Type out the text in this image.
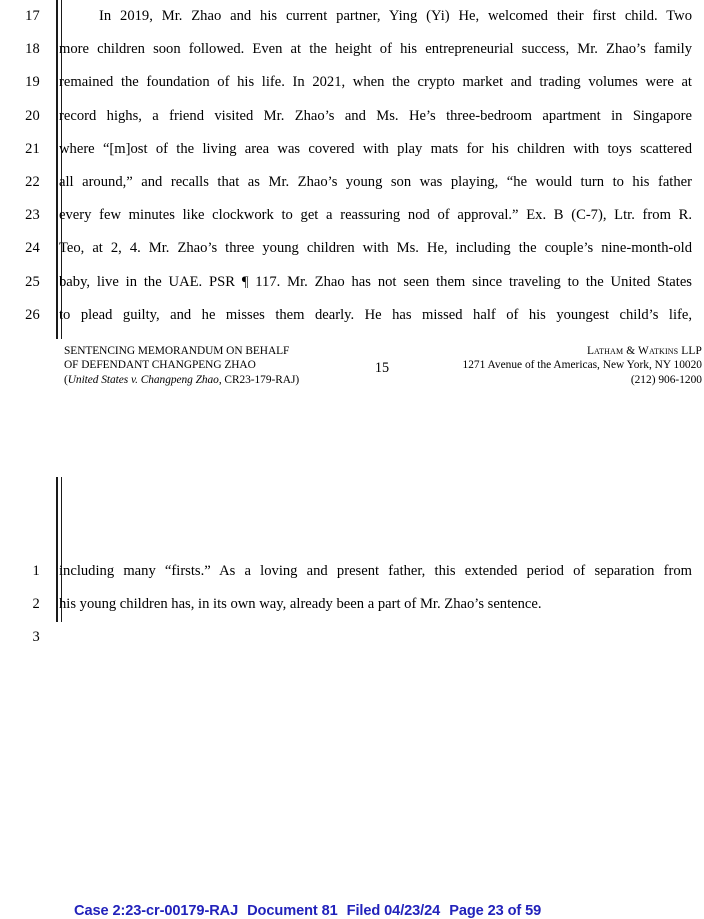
17	In 2019, Mr. Zhao and his current partner, Ying (Yi) He, welcomed their first child. Two
18	more children soon followed. Even at the height of his entrepreneurial success, Mr. Zhao’s family
19	remained the foundation of his life. In 2021, when the crypto market and trading volumes were at
20	record highs, a friend visited Mr. Zhao’s and Ms. He’s three-bedroom apartment in Singapore
21	where “[m]ost of the living area was covered with play mats for his children with toys scattered
22	all around,” and recalls that as Mr. Zhao’s young son was playing, “he would turn to his father
23	every few minutes like clockwork to get a reassuring nod of approval.” Ex. B (C-7), Ltr. from R.
24	Teo, at 2, 4. Mr. Zhao’s three young children with Ms. He, including the couple’s nine-month-old
25	baby, live in the UAE. PSR ¶ 117. Mr. Zhao has not seen them since traveling to the United States
26	to plead guilty, and he misses them dearly. He has missed half of his youngest child’s life,
SENTENCING MEMORANDUM ON BEHALF
OF DEFENDANT CHANGPENG ZHAO
(United States v. Changpeng Zhao, CR23-179-RAJ)
15
Latham & Watkins LLP
1271 Avenue of the Americas, New York, NY 10020
(212) 906-1200
Case 2:23-cr-00179-RAJ Document 81 Filed 04/23/24 Page 23 of 59
1	including many “firsts.” As a loving and present father, this extended period of separation from
2	his young children has, in its own way, already been a part of Mr. Zhao’s sentence.
3
